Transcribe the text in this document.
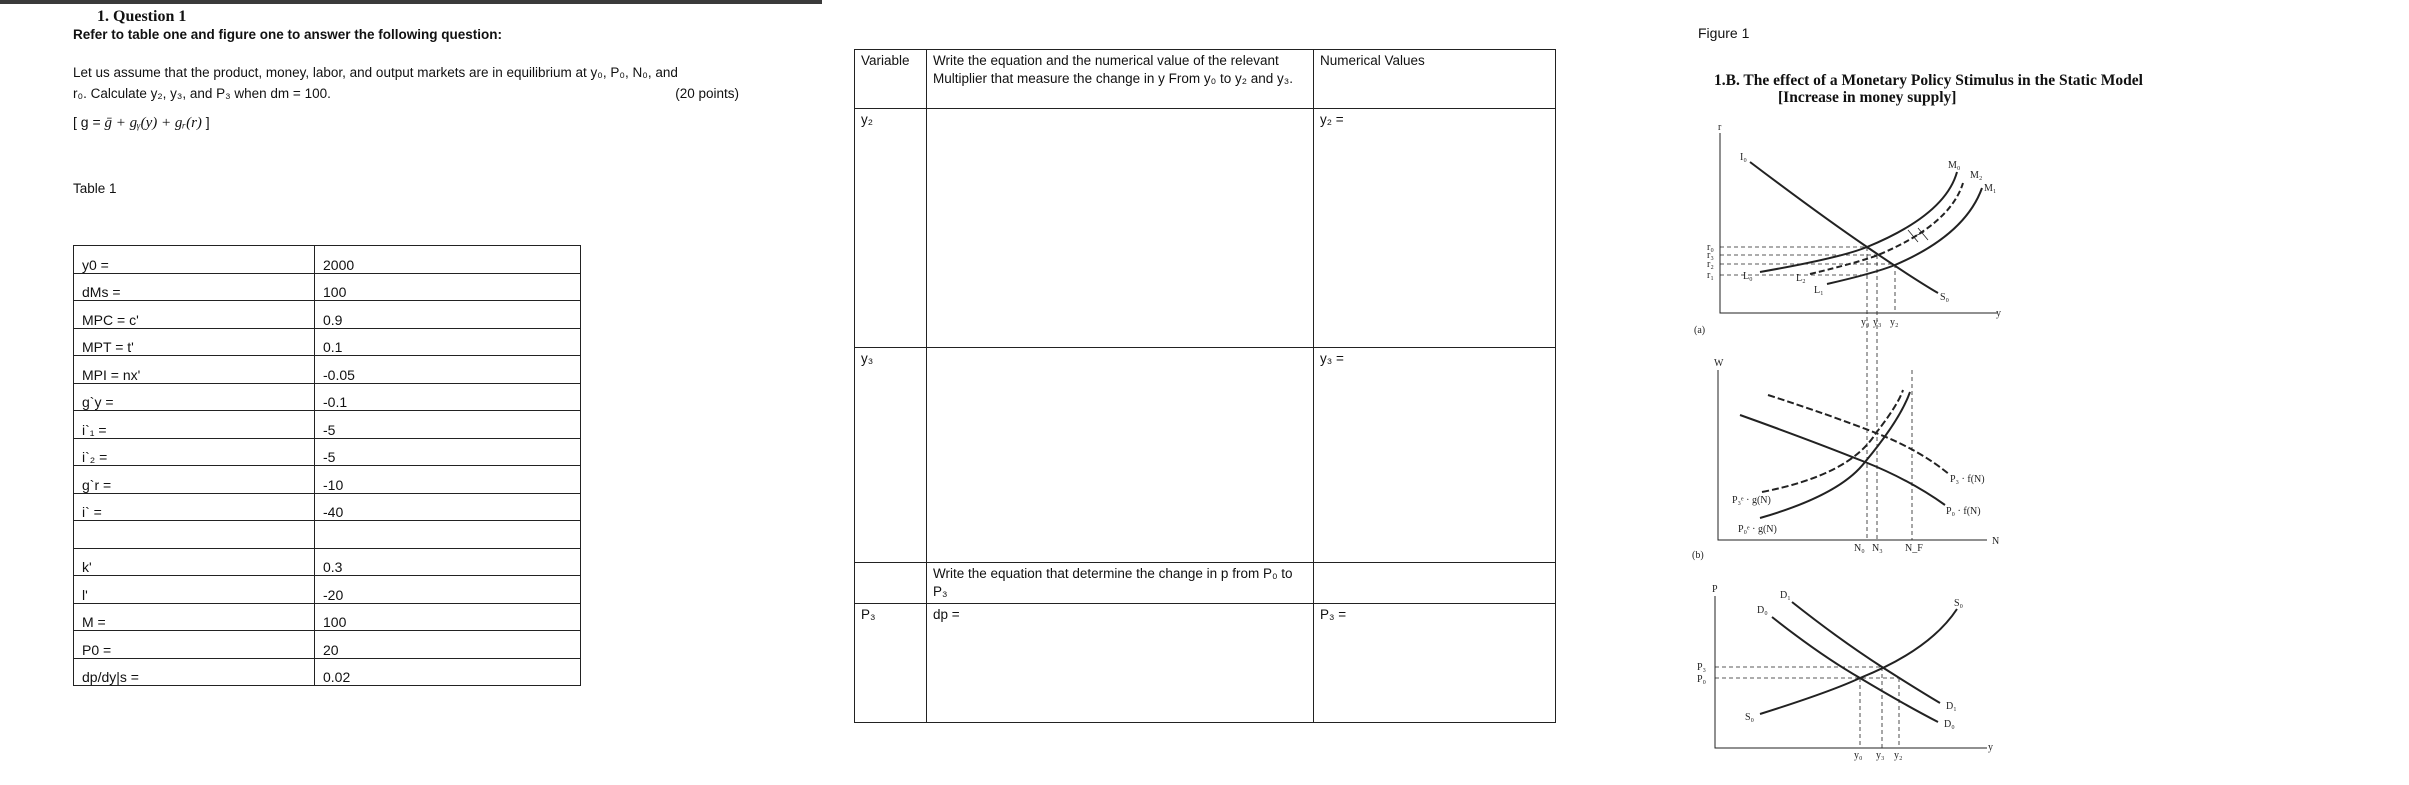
1. Question 1
Refer to table one and figure one to answer the following question:
Let us assume that the product, money, labor, and output markets are in equilibrium at y₀, P₀, N₀, and
r₀. Calculate y₂, y₃, and P₃ when dm = 100.	(20 points)
[ g = ḡ + gᵧ(y) + gᵣ(r) ]
Table 1
y0 =	2000
dMs =	100
MPC = c'	0.9
MPT = t'	0.1
MPI = nx'	-0.05
g`y =	-0.1
i`₁ =	-5
i`₂ =	-5
g`r =	-10
i` =	-40

k'	0.3
l'	-20
M =	100
P0 =	20
dp/dy|s =	0.02
Variable	Write the equation and the numerical value of the relevant Multiplier that measure the change in y From y₀ to y₂ and y₃.	Numerical Values
y₂		y₂ =
y₃		y₃ =
	Write the equation that determine the change in p from P₀ to P₃	
P₃	dp =	P₃ =
Figure 1
1.B. The effect of a Monetary Policy Stimulus in the Static Model
[Increase in money supply]
r
y
(a)
r₀
r₃
r₂
r₁
y₀ y₃ y₂
I₀
S₀
M₀
M₂
M₁
L₀	L₂
L₁
W
N
(b)
N₀ N₃ N_F
P₃ · f(N)
P₀ · f(N)
P₃ᵉ · g(N)
P₀ᵉ · g(N)
P
y
P₃
P₀
y₀ y₃ y₂
D₁
D₀
S₀
D₁
D₀
S₀
